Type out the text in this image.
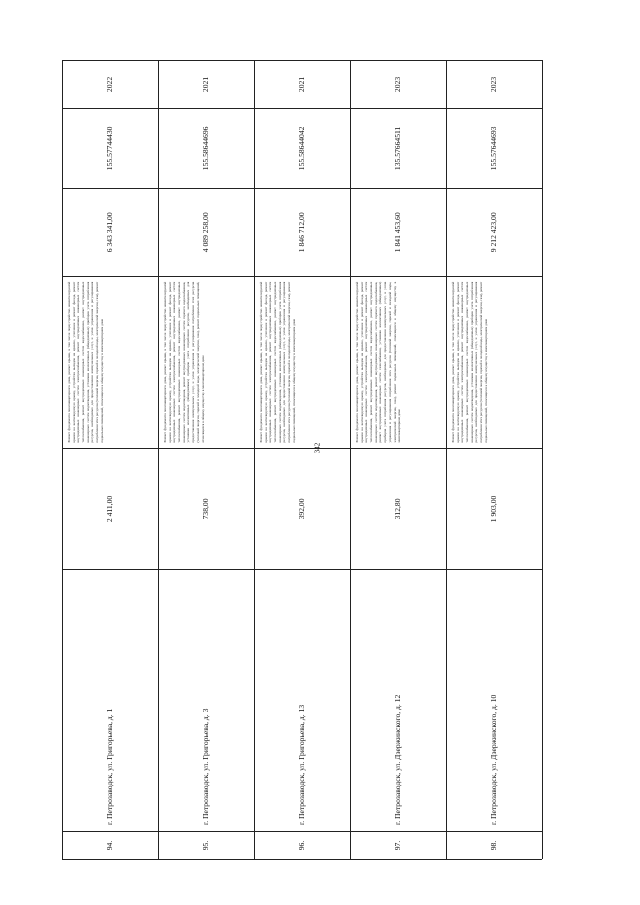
342
94.
г. Петрозаводск, ул. Григорьева, д. 1
2 411,00
Ремонт фундамента многоквартирного дома, ремонт крыши, в том числе переустройство невентилируемой крыши на вентилируемую крышу, устройство выходов на кровлю, утепление и ремонт фасада, ремонт внутридомовых инженерных систем электроснабжения, ремонт внутридомовых инженерных систем теплоснабжения, ремонт внутридомовых инженерных систем водоснабжения, ремонт внутридомовых инженерных систем водоотведения, установка коллективных (общедомовых) приборов учета потребления ресурсов, необходимых для предоставления коммунальных услуг, и узлов управления и регулирования потребления этих ресурсов (тепловой энергии, горячей и холодной воды, электрической энергии, газа), ремонт подвальных помещений, относящихся к общему имуществу в многоквартирном доме
6 343 341,00
155.57744430
2022
95.
г. Петрозаводск, ул. Григорьева, д. 3
738,00
Ремонт фундамента многоквартирного дома, ремонт крыши, в том числе переустройство невентилируемой крыши на вентилируемую крышу, устройство выходов на кровлю, утепление и ремонт фасада, ремонт внутридомовых инженерных систем электроснабжения, ремонт внутридомовых инженерных систем теплоснабжения, ремонт внутридомовых инженерных систем водоснабжения, ремонт внутридомовых инженерных систем водоотведения, ремонт внутридомовых инженерных систем горячего водоснабжения, установка коллективных (общедомовых) приборов учета потребления ресурсов, необходимых для предоставления коммунальных услуг, и узлов управления и регулирования потребления этих ресурсов (тепловой энергии, горячей и холодной воды, электрической энергии, газа), ремонт подвальных помещений, относящихся к общему имуществу в многоквартирном доме
4 089 258,00
155.58644696
2021
96.
г. Петрозаводск, ул. Григорьева, д. 13
392,00
Ремонт фундамента многоквартирного дома, ремонт крыши, в том числе переустройство невентилируемой крыши на вентилируемую крышу, устройство выходов на кровлю, утепление и ремонт фасада, ремонт внутридомовых инженерных систем электроснабжения, ремонт внутридомовых инженерных систем теплоснабжения, ремонт внутридомовых инженерных систем водоснабжения, ремонт внутридомовых инженерных систем водоотведения, установка коллективных (общедомовых) приборов учета потребления ресурсов, необходимых для предоставления коммунальных услуг, и узлов управления и регулирования потребления этих ресурсов (тепловой энергии, горячей и холодной воды, электрической энергии, газа), ремонт подвальных помещений, относящихся к общему имуществу в многоквартирном доме
1 846 712,00
155.58644042
2021
97.
г. Петрозаводск, ул. Дзержинского, д. 12
312,80
Ремонт фундамента многоквартирного дома, ремонт крыши, в том числе переустройство невентилируемой крыши на вентилируемую крышу, устройство выходов на кровлю, утепление и ремонт фасада, ремонт внутридомовых инженерных систем электроснабжения, ремонт внутридомовых инженерных систем теплоснабжения, ремонт внутридомовых инженерных систем водоснабжения, ремонт внутридомовых инженерных систем водоотведения, ремонт внутридомовых инженерных систем горячего водоснабжения, ремонт внутридомовых инженерных систем газоснабжения, установка коллективных (общедомовых) приборов учета потребления ресурсов, необходимых для предоставления коммунальных услуг, и узлов управления и регулирования потребления этих ресурсов (тепловой энергии, горячей и холодной воды, электрической энергии, газа), ремонт подвальных помещений, относящихся к общему имуществу в многоквартирном доме
1 841 453,60
135.57664511
2023
98.
г. Петрозаводск, ул. Дзержинского, д. 10
1 903,00
Ремонт фундамента многоквартирного дома, ремонт крыши, в том числе переустройство невентилируемой крыши на вентилируемую крышу, устройство выходов на кровлю, утепление и ремонт фасада, ремонт внутридомовых инженерных систем электроснабжения, ремонт внутридомовых инженерных систем теплоснабжения, ремонт внутридомовых инженерных систем водоснабжения, ремонт внутридомовых инженерных систем водоотведения, установка коллективных (общедомовых) приборов учета потребления ресурсов, необходимых для предоставления коммунальных услуг, и узлов управления и регулирования потребления этих ресурсов (тепловой энергии, горячей и холодной воды, электрической энергии, газа), ремонт подвальных помещений, относящихся к общему имуществу в многоквартирном доме
9 212 423,00
155.57644693
2023
